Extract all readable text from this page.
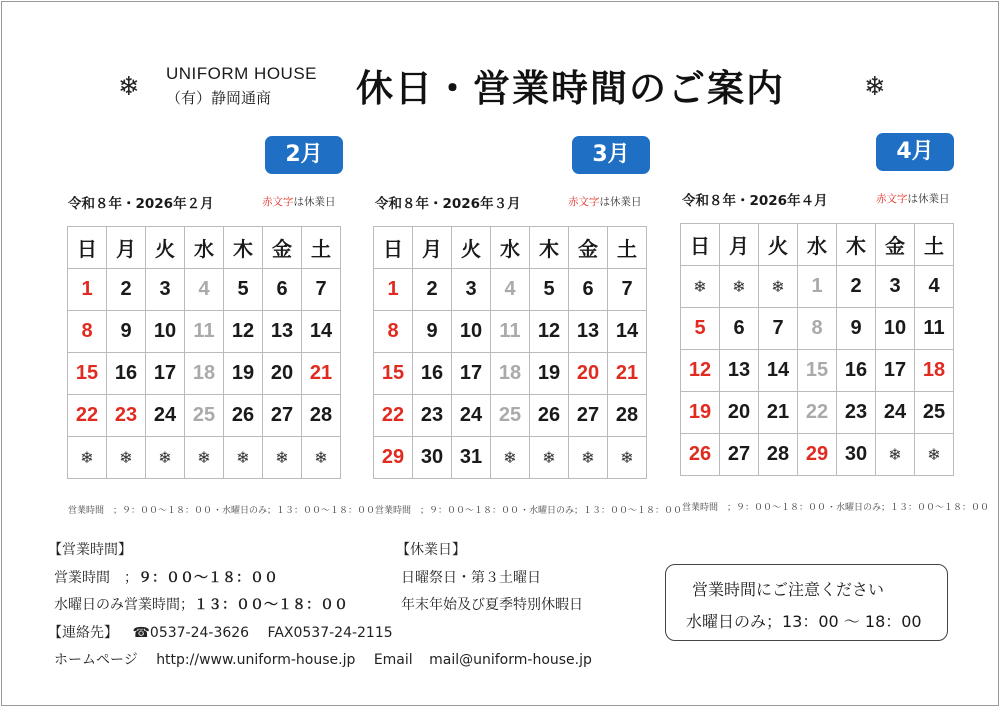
❄	❄
UNIFORM HOUSE
（有）静岡通商	休日・営業時間のご案内
2月
令和８年・2026年２月	赤文字は休業日
日	月	火	水	木	金	土
1	2	3	4	5	6	7
8	9	10	11	12	13	14
15	16	17	18	19	20	21
22	23	24	25	26	27	28
❄	❄	❄	❄	❄	❄	❄
営業時間　；９：００～１８：００ ・水曜日のみ；１３：００～１８：００
3月
令和８年・2026年３月	赤文字は休業日
日	月	火	水	木	金	土
1	2	3	4	5	6	7
8	9	10	11	12	13	14
15	16	17	18	19	20	21
22	23	24	25	26	27	28
29	30	31	❄	❄	❄	❄
営業時間　；９：００～１８：００ ・水曜日のみ；１３：００～１８：００
4月
令和８年・2026年４月	赤文字は休業日
日	月	火	水	木	金	土
❄	❄	❄	1	2	3	4
5	6	7	8	9	10	11
12	13	14	15	16	17	18
19	20	21	22	23	24	25
26	27	28	29	30	❄	❄
営業時間　；９：００～１８：００ ・水曜日のみ；１３：００～１８：００
【営業時間】
営業時間　；９：００～１８：００
水曜日のみ営業時間；１３：００～１８：００
【連絡先】 ☎0537-24-3626 FAX0537-24-2115
ホームページ http://www.uniform-house.jp Email mail@uniform-house.jp
【休業日】
日曜祭日・第３土曜日
年末年始及び夏季特別休暇日
営業時間にご注意ください
水曜日のみ；13：00 ～ 18：00
